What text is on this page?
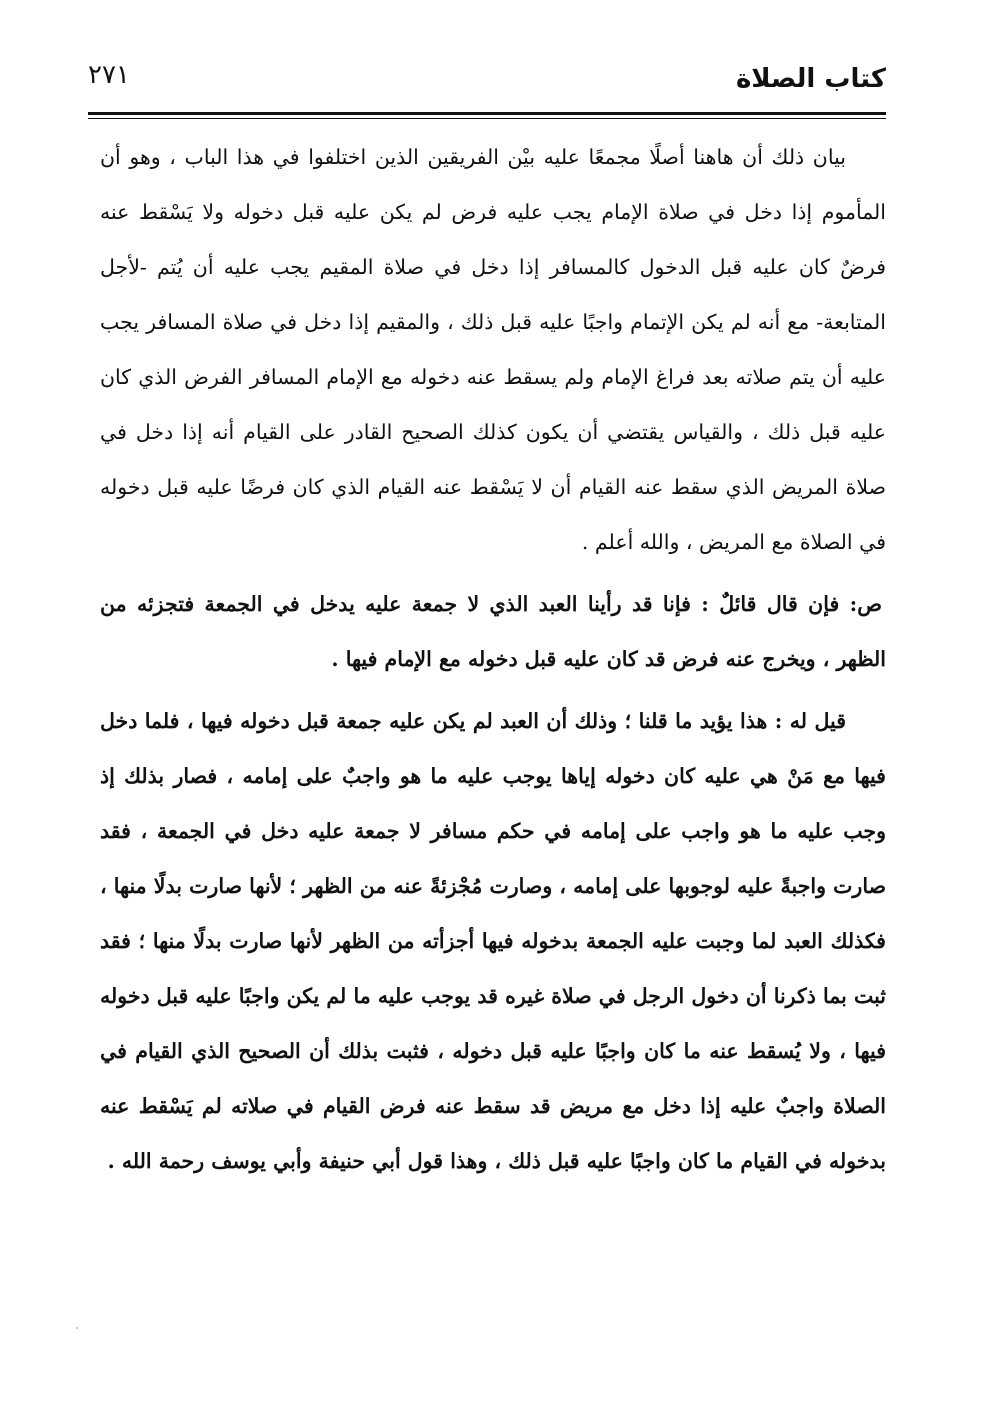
كتاب الصلاة
٢٧١

بيان ذلك أن هاهنا أصلًا مجمعًا عليه بيْن الفريقين الذين اختلفوا في هذا الباب ، وهو أن المأموم إذا دخل في صلاة الإمام يجب عليه فرض لم يكن عليه قبل دخوله ولا يَسْقط عنه فرضٌ كان عليه قبل الدخول كالمسافر إذا دخل في صلاة المقيم يجب عليه أن يُتم -لأجل المتابعة- مع أنه لم يكن الإتمام واجبًا عليه قبل ذلك ، والمقيم إذا دخل في صلاة المسافر يجب عليه أن يتم صلاته بعد فراغ الإمام ولم يسقط عنه دخوله مع الإمام المسافر الفرض الذي كان عليه قبل ذلك ، والقياس يقتضي أن يكون كذلك الصحيح القادر على القيام أنه إذا دخل في صلاة المريض الذي سقط عنه القيام أن لا يَسْقط عنه القيام الذي كان فرضًا عليه قبل دخوله في الصلاة مع المريض ، والله أعلم .

ص: فإن قال قائلٌ : فإنا قد رأينا العبد الذي لا جمعة عليه يدخل في الجمعة فتجزئه من الظهر ، ويخرج عنه فرض قد كان عليه قبل دخوله مع الإمام فيها .

قيل له : هذا يؤيد ما قلنا ؛ وذلك أن العبد لم يكن عليه جمعة قبل دخوله فيها ، فلما دخل فيها مع مَنْ هي عليه كان دخوله إياها يوجب عليه ما هو واجبٌ على إمامه ، فصار بذلك إذ وجب عليه ما هو واجب على إمامه في حكم مسافر لا جمعة عليه دخل في الجمعة ، فقد صارت واجبةً عليه لوجوبها على إمامه ، وصارت مُجْزئةً عنه من الظهر ؛ لأنها صارت بدلًا منها ، فكذلك العبد لما وجبت عليه الجمعة بدخوله فيها أجزأته من الظهر لأنها صارت بدلًا منها ؛ فقد ثبت بما ذكرنا أن دخول الرجل في صلاة غيره قد يوجب عليه ما لم يكن واجبًا عليه قبل دخوله فيها ، ولا يُسقط عنه ما كان واجبًا عليه قبل دخوله ، فثبت بذلك أن الصحيح الذي القيام في الصلاة واجبٌ عليه إذا دخل مع مريض قد سقط عنه فرض القيام في صلاته لم يَسْقط عنه بدخوله في القيام ما كان واجبًا عليه قبل ذلك ، وهذا قول أبي حنيفة وأبي يوسف رحمة الله .
